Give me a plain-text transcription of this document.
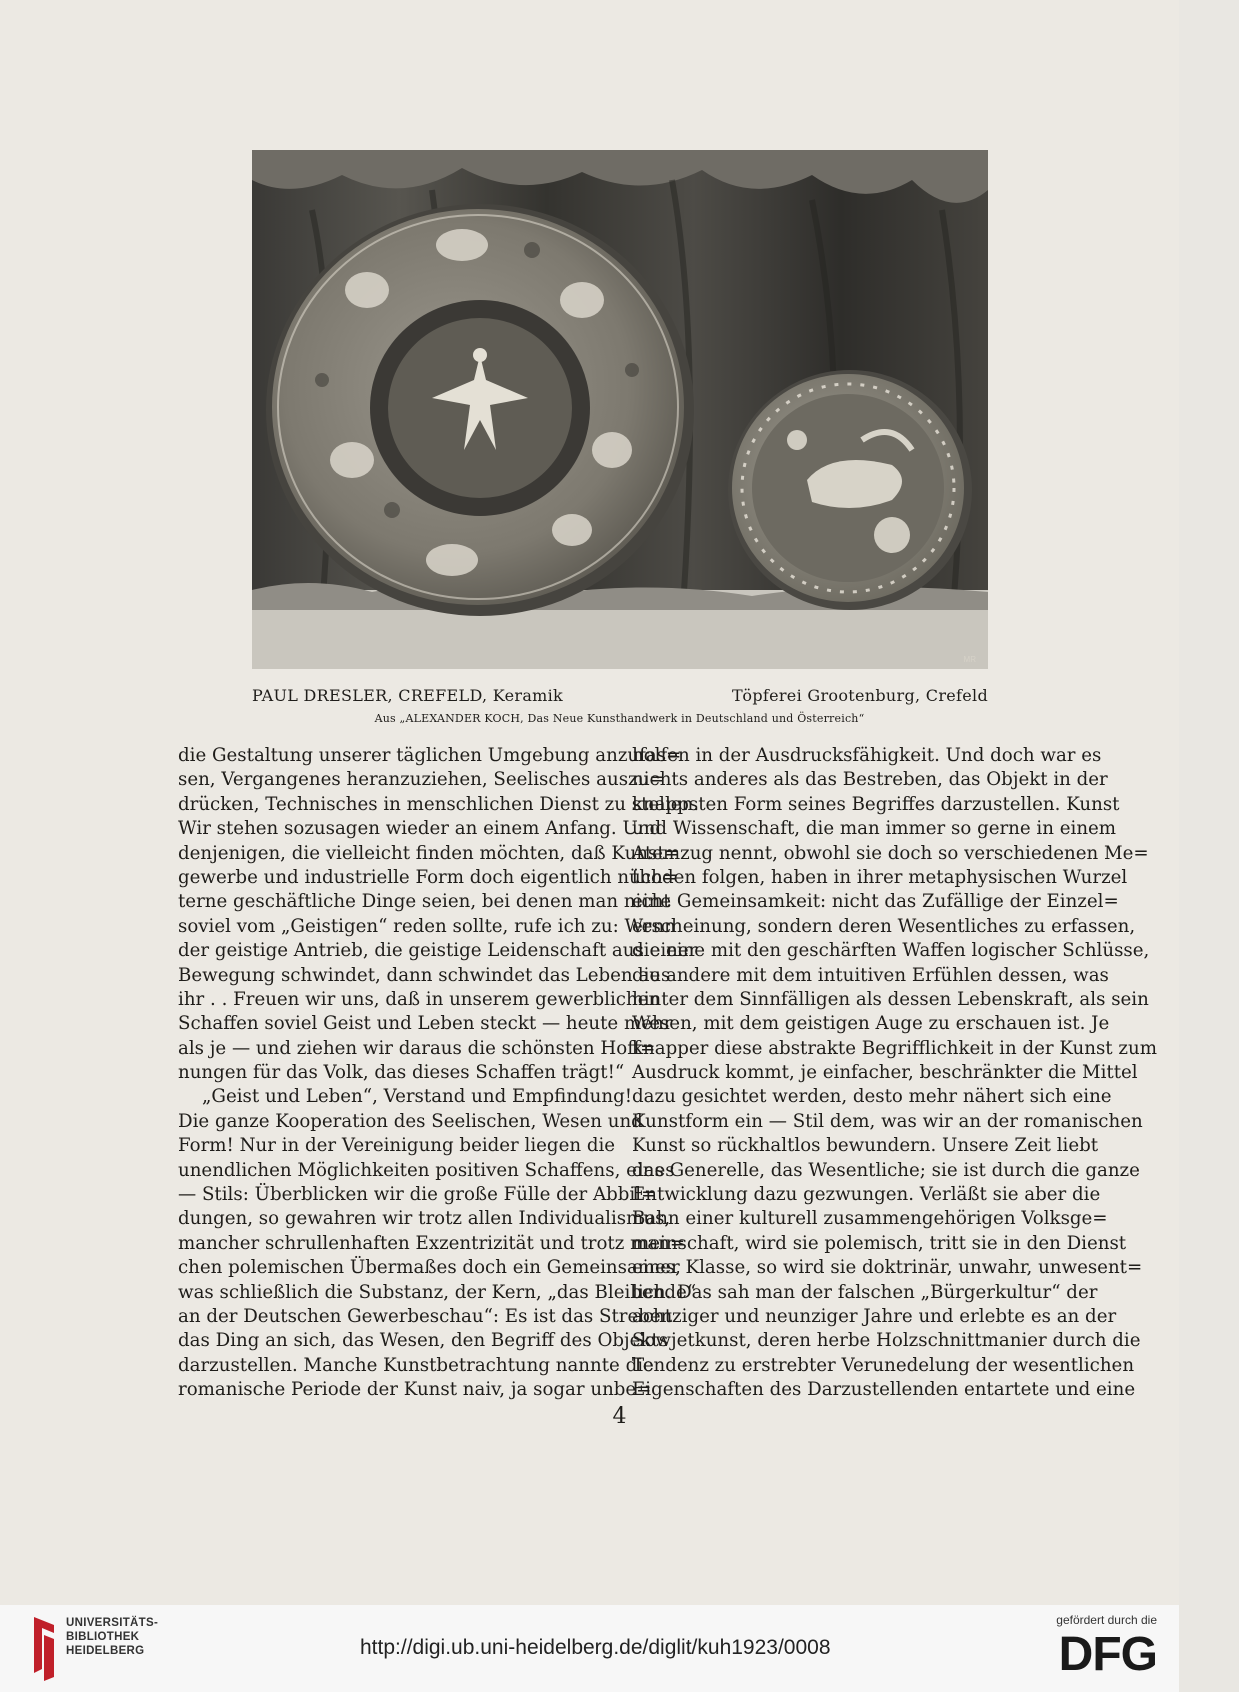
MR
PAUL DRESLER, CREFELD, Keramik	Töpferei Grootenburg, Crefeld
Aus „ALEXANDER KOCH, Das Neue Kunsthandwerk in Deutschland und Österreich“
die Gestaltung unserer täglichen Umgebung anzufas=
sen, Vergangenes heranzuziehen, Seelisches auszu=
drücken, Technisches in menschlichen Dienst zu stellen.
Wir stehen sozusagen wieder an einem Anfang. Und
denjenigen, die vielleicht finden möchten, daß Kunst=
gewerbe und industrielle Form doch eigentlich nüch=
terne geschäftliche Dinge seien, bei denen man nicht
soviel vom „Geistigen“ reden sollte, rufe ich zu: Wenn
der geistige Antrieb, die geistige Leidenschaft aus einer
Bewegung schwindet, dann schwindet das Leben aus
ihr . . Freuen wir uns, daß in unserem gewerblichen
Schaffen soviel Geist und Leben steckt — heute mehr
als je — und ziehen wir daraus die schönsten Hoff=
nungen für das Volk, das dieses Schaffen trägt!“
„Geist und Leben“, Verstand und Empfindung!
Die ganze Kooperation des Seelischen, Wesen und
Form! Nur in der Vereinigung beider liegen die
unendlichen Möglichkeiten positiven Schaffens, eines
— Stils: Überblicken wir die große Fülle der Abbil=
dungen, so gewahren wir trotz allen Individualismus,
mancher schrullenhaften Exzentrizität und trotz man=
chen polemischen Übermaßes doch ein Gemeinsames,
was schließlich die Substanz, der Kern, „das Bleibende“
an der Deutschen Gewerbeschau“: Es ist das Streben
das Ding an sich, das Wesen, den Begriff des Objekts
darzustellen. Manche Kunstbetrachtung nannte die
romanische Periode der Kunst naiv, ja sogar unbe=
holfen in der Ausdrucksfähigkeit. Und doch war es
nichts anderes als das Bestreben, das Objekt in der
knappsten Form seines Begriffes darzustellen. Kunst
und Wissenschaft, die man immer so gerne in einem
Atemzug nennt, obwohl sie doch so verschiedenen Me=
thoden folgen, haben in ihrer metaphysischen Wurzel
eine Gemeinsamkeit: nicht das Zufällige der Einzel=
erscheinung, sondern deren Wesentliches zu erfassen,
die eine mit den geschärften Waffen logischer Schlüsse,
die andere mit dem intuitiven Erfühlen dessen, was
hinter dem Sinnfälligen als dessen Lebenskraft, als sein
Wesen, mit dem geistigen Auge zu erschauen ist. Je
knapper diese abstrakte Begrifflichkeit in der Kunst zum
Ausdruck kommt, je einfacher, beschränkter die Mittel
dazu gesichtet werden, desto mehr nähert sich eine
Kunstform ein — Stil dem, was wir an der romanischen
Kunst so rückhaltlos bewundern. Unsere Zeit liebt
das Generelle, das Wesentliche; sie ist durch die ganze
Entwicklung dazu gezwungen. Verläßt sie aber die
Bahn einer kulturell zusammengehörigen Volksge=
meinschaft, wird sie polemisch, tritt sie in den Dienst
einer Klasse, so wird sie doktrinär, unwahr, unwesent=
lich. Das sah man der falschen „Bürgerkultur“ der
achtziger und neunziger Jahre und erlebte es an der
Sowjetkunst, deren herbe Holzschnittmanier durch die
Tendenz zu erstrebter Verunedelung der wesentlichen
Eigenschaften des Darzustellenden entartete und eine
4
UNIVERSITÄTS-
BIBLIOTHEK
HEIDELBERG	http://digi.ub.uni-heidelberg.de/diglit/kuh1923/0008
gefördert durch die
DFG
